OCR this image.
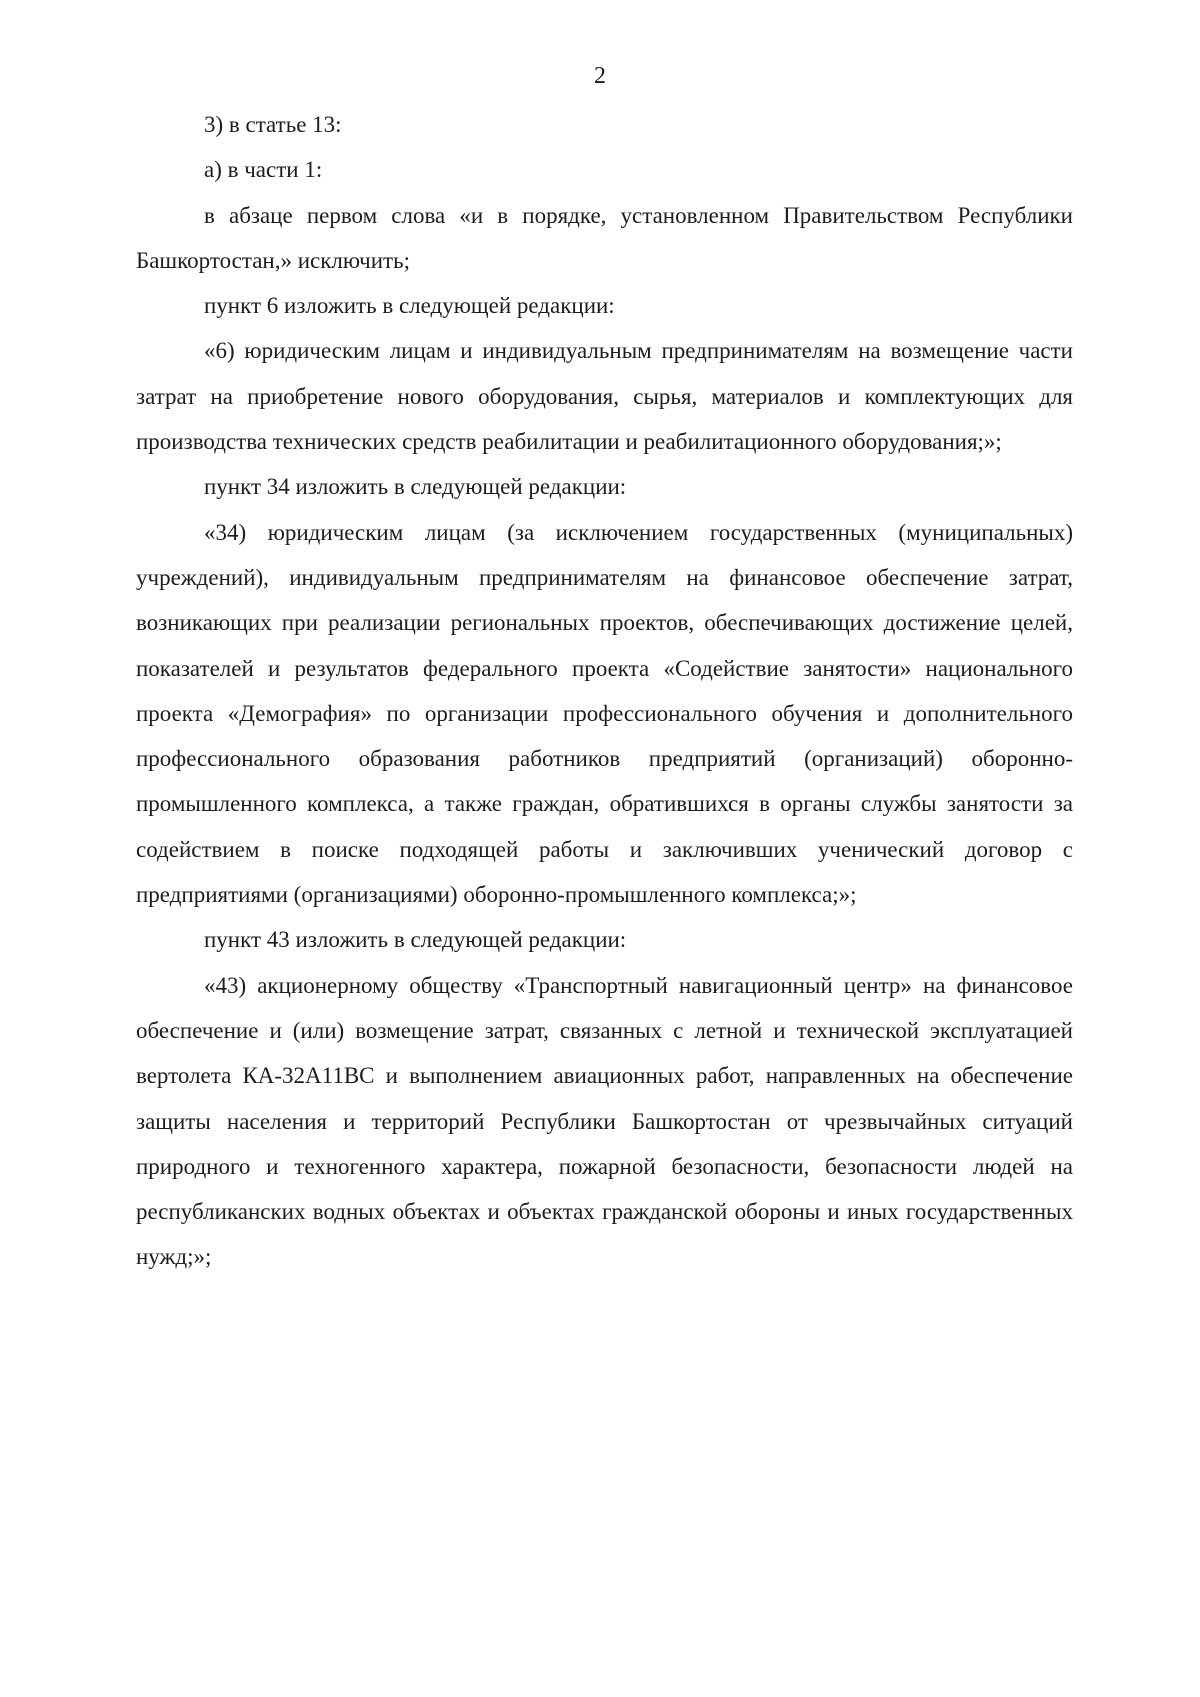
2

3) в статье 13:

а) в части 1:

в абзаце первом слова «и в порядке, установленном Правительством Республики Башкортостан,» исключить;

пункт 6 изложить в следующей редакции:

«6) юридическим лицам и индивидуальным предпринимателям на возмещение части затрат на приобретение нового оборудования, сырья, материалов и комплектующих для производства технических средств реабилитации и реабилитационного оборудования;»;

пункт 34 изложить в следующей редакции:

«34) юридическим лицам (за исключением государственных (муниципальных) учреждений), индивидуальным предпринимателям на финансовое обеспечение затрат, возникающих при реализации региональных проектов, обеспечивающих достижение целей, показателей и результатов федерального проекта «Содействие занятости» национального проекта «Демография» по организации профессионального обучения и дополнительного профессионального образования работников предприятий (организаций) оборонно-промышленного комплекса, а также граждан, обратившихся в органы службы занятости за содействием в поиске подходящей работы и заключивших ученический договор с предприятиями (организациями) оборонно-промышленного комплекса;»;

пункт 43 изложить в следующей редакции:

«43) акционерному обществу «Транспортный навигационный центр» на финансовое обеспечение и (или) возмещение затрат, связанных с летной и технической эксплуатацией вертолета КА-32А11ВС и выполнением авиационных работ, направленных на обеспечение защиты населения и территорий Республики Башкортостан от чрезвычайных ситуаций природного и техногенного характера, пожарной безопасности, безопасности людей на республиканских водных объектах и объектах гражданской обороны и иных государственных нужд;»;
